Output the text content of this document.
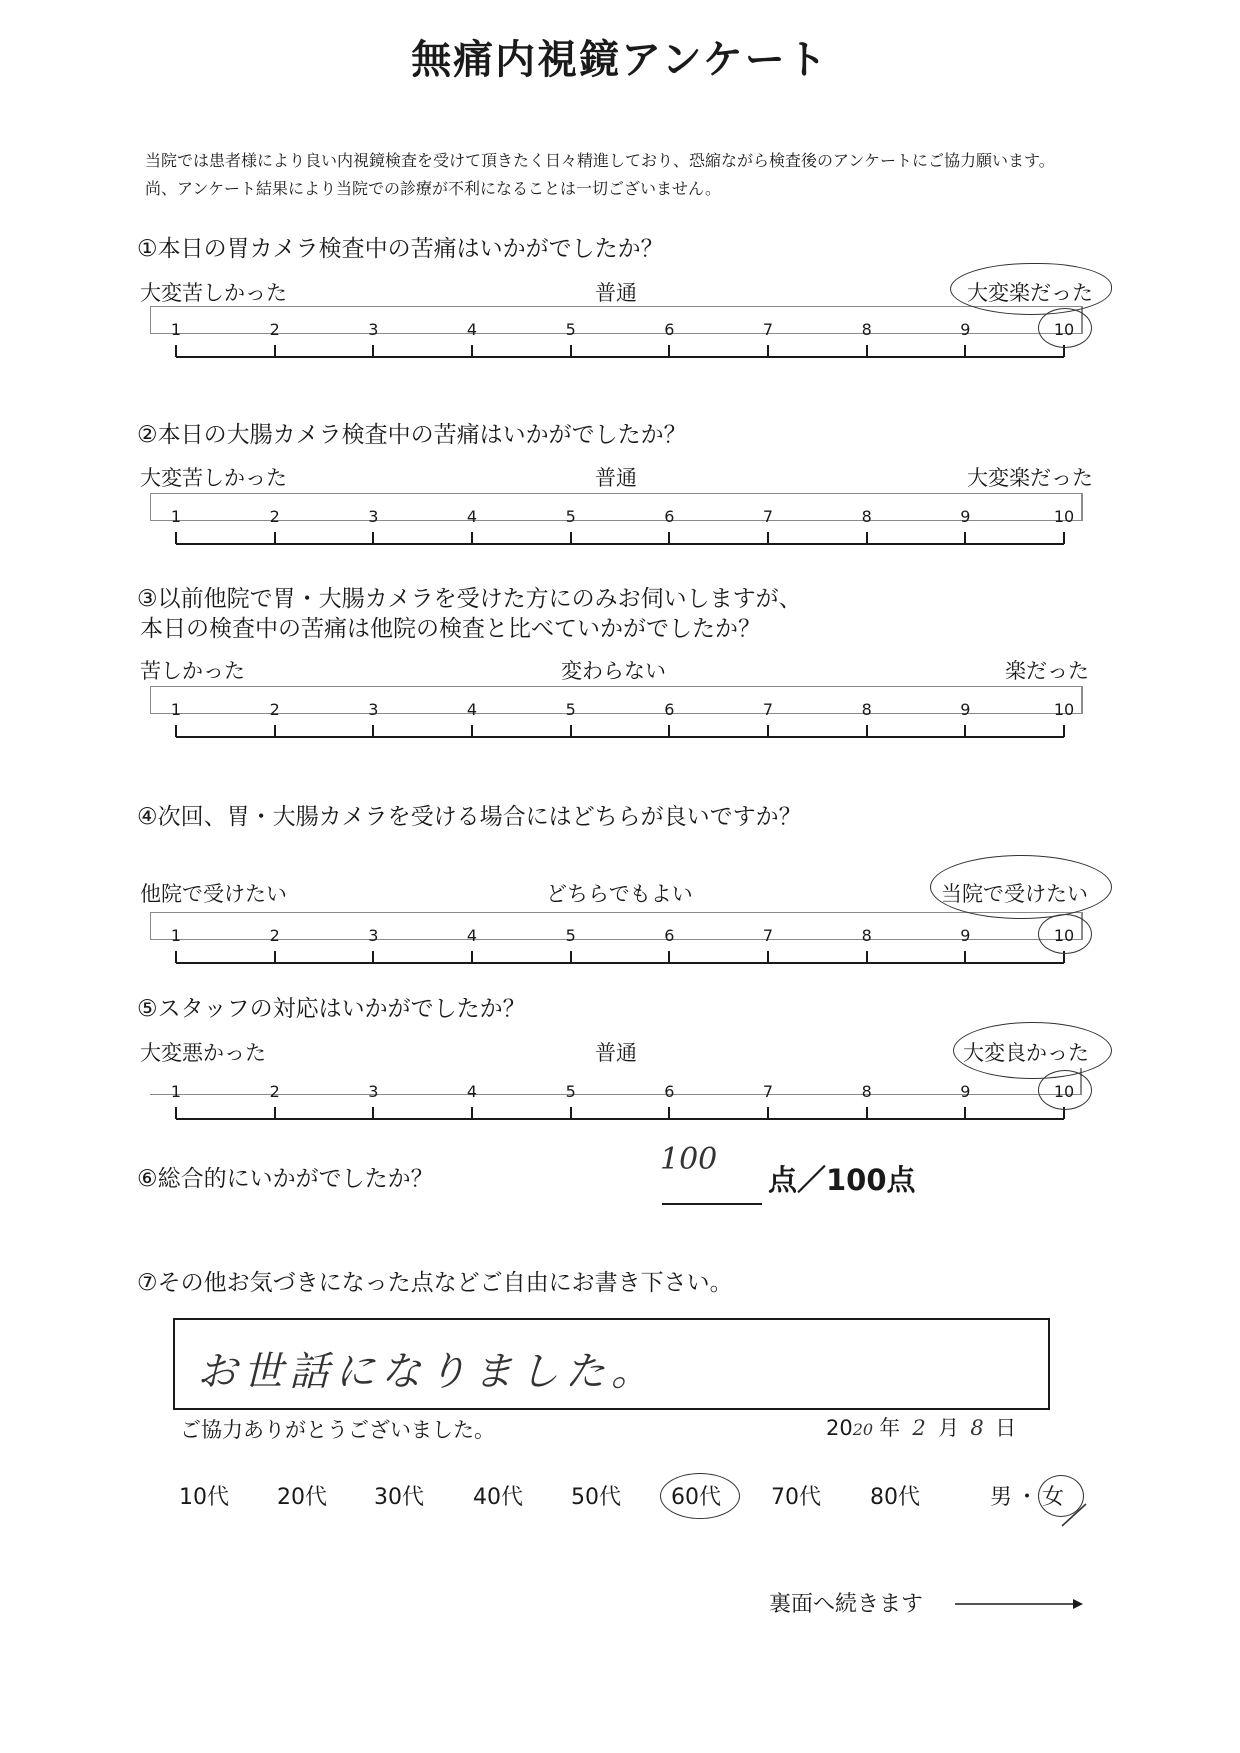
無痛内視鏡アンケート
当院では患者様により良い内視鏡検査を受けて頂きたく日々精進しており、恐縮ながら検査後のアンケートにご協力願います。
尚、アンケート結果により当院での診療が不利になることは一切ございません。
①本日の胃カメラ検査中の苦痛はいかがでしたか？
大変苦しかった	普通	大変楽だった
1	2	3	4	5	6	7	8	9	10
②本日の大腸カメラ検査中の苦痛はいかがでしたか？
大変苦しかった	普通	大変楽だった
1	2	3	4	5	6	7	8	9	10
③以前他院で胃・大腸カメラを受けた方にのみお伺いしますが、
本日の検査中の苦痛は他院の検査と比べていかがでしたか？
苦しかった	変わらない	楽だった
1	2	3	4	5	6	7	8	9	10
④次回、胃・大腸カメラを受ける場合にはどちらが良いですか？
他院で受けたい	どちらでもよい	当院で受けたい
1	2	3	4	5	6	7	8	9	10
⑤スタッフの対応はいかがでしたか？
大変悪かった	普通	大変良かった
1	2	3	4	5	6	7	8	9	10
⑥総合的にいかがでしたか？
100
点／100点
⑦その他お気づきになった点などご自由にお書き下さい。
お世話になりました。
ご協力ありがとうございました。	2020 年 2 月 8 日
10代 20代 30代 40代 50代 60代 70代 80代	男 ・ 女
裏面へ続きます
